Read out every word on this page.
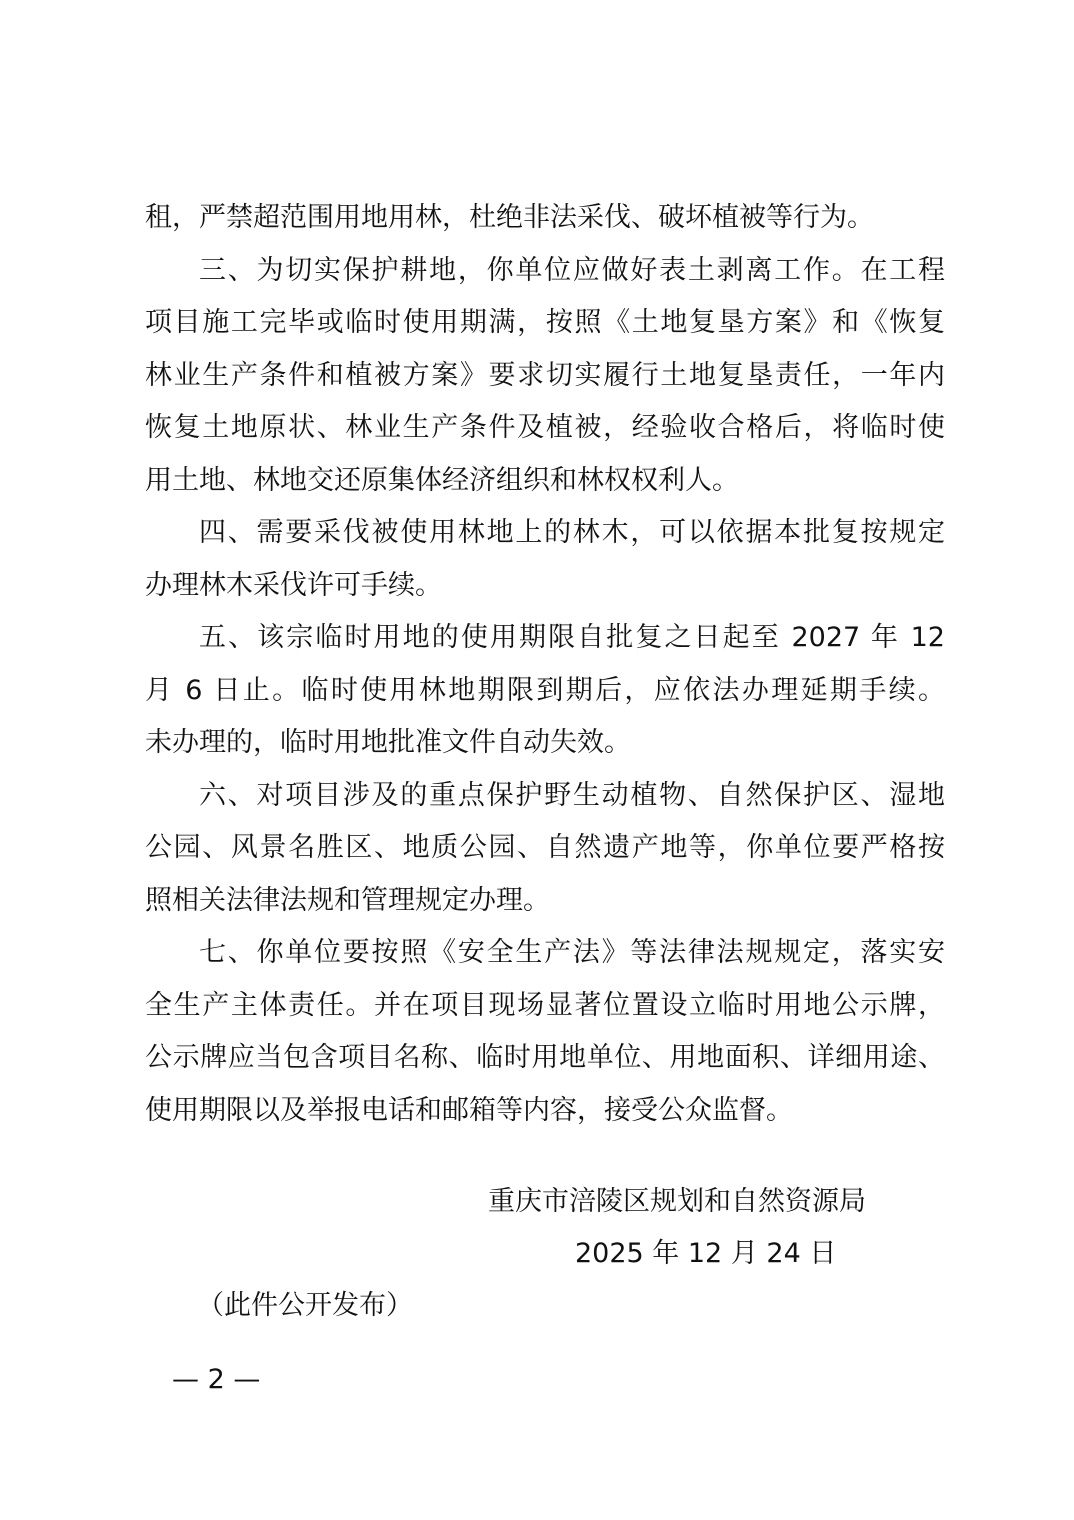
租，严禁超范围用地用林，杜绝非法采伐、破坏植被等行为。
三、为切实保护耕地，你单位应做好表土剥离工作。在工程
项目施工完毕或临时使用期满，按照《土地复垦方案》和《恢复
林业生产条件和植被方案》要求切实履行土地复垦责任，一年内
恢复土地原状、林业生产条件及植被，经验收合格后，将临时使
用土地、林地交还原集体经济组织和林权权利人。
四、需要采伐被使用林地上的林木，可以依据本批复按规定
办理林木采伐许可手续。
五、该宗临时用地的使用期限自批复之日起至 2027 年 12
月 6 日止。临时使用林地期限到期后，应依法办理延期手续。
未办理的，临时用地批准文件自动失效。
六、对项目涉及的重点保护野生动植物、自然保护区、湿地
公园、风景名胜区、地质公园、自然遗产地等，你单位要严格按
照相关法律法规和管理规定办理。
七、你单位要按照《安全生产法》等法律法规规定，落实安
全生产主体责任。并在项目现场显著位置设立临时用地公示牌，
公示牌应当包含项目名称、临时用地单位、用地面积、详细用途、
使用期限以及举报电话和邮箱等内容，接受公众监督。
重庆市涪陵区规划和自然资源局
2025 年 12 月 24 日
（此件公开发布）
— 2 —
